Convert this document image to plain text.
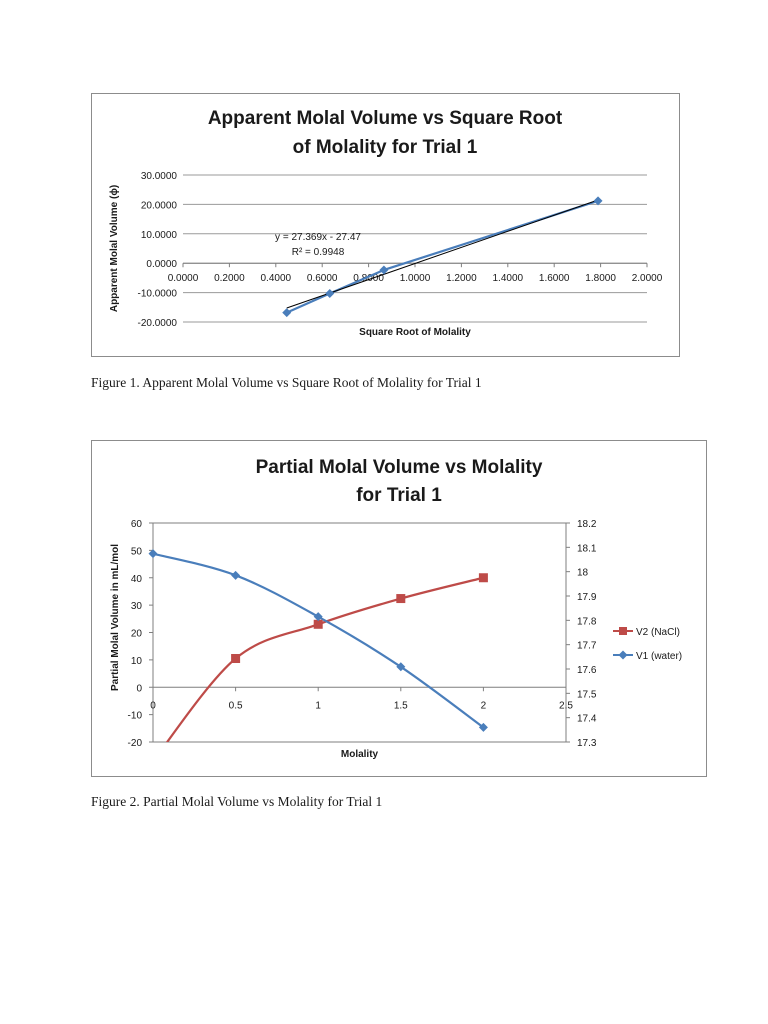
Apparent Molal Volume vs Square Root
of Molality for Trial 1
30.0000
20.0000
10.0000
0.0000
-10.0000
-20.0000
0.0000 0.2000 0.4000 0.6000 0.8000 1.0000 1.2000 1.4000 1.6000 1.8000 2.0000
Square Root of Molality
Apparent Molal Volume (ϕ)	y = 27.369x - 27.47
R² = 0.9948

Figure 1. Apparent Molal Volume vs Square Root of Molality for Trial 1

Partial Molal Volume vs Molality
for Trial 1
60
50
40
30
20
10
0
-10
-20
18.2
18.1
18
17.9
17.8
17.7
17.6
17.5
17.4
17.3
0	0.5	1	1.5	2	2.5
Molality
Partial Molal Volume in mL/mol	V2 (NaCl)
V1 (water)

Figure 2. Partial Molal Volume vs Molality for Trial 1
